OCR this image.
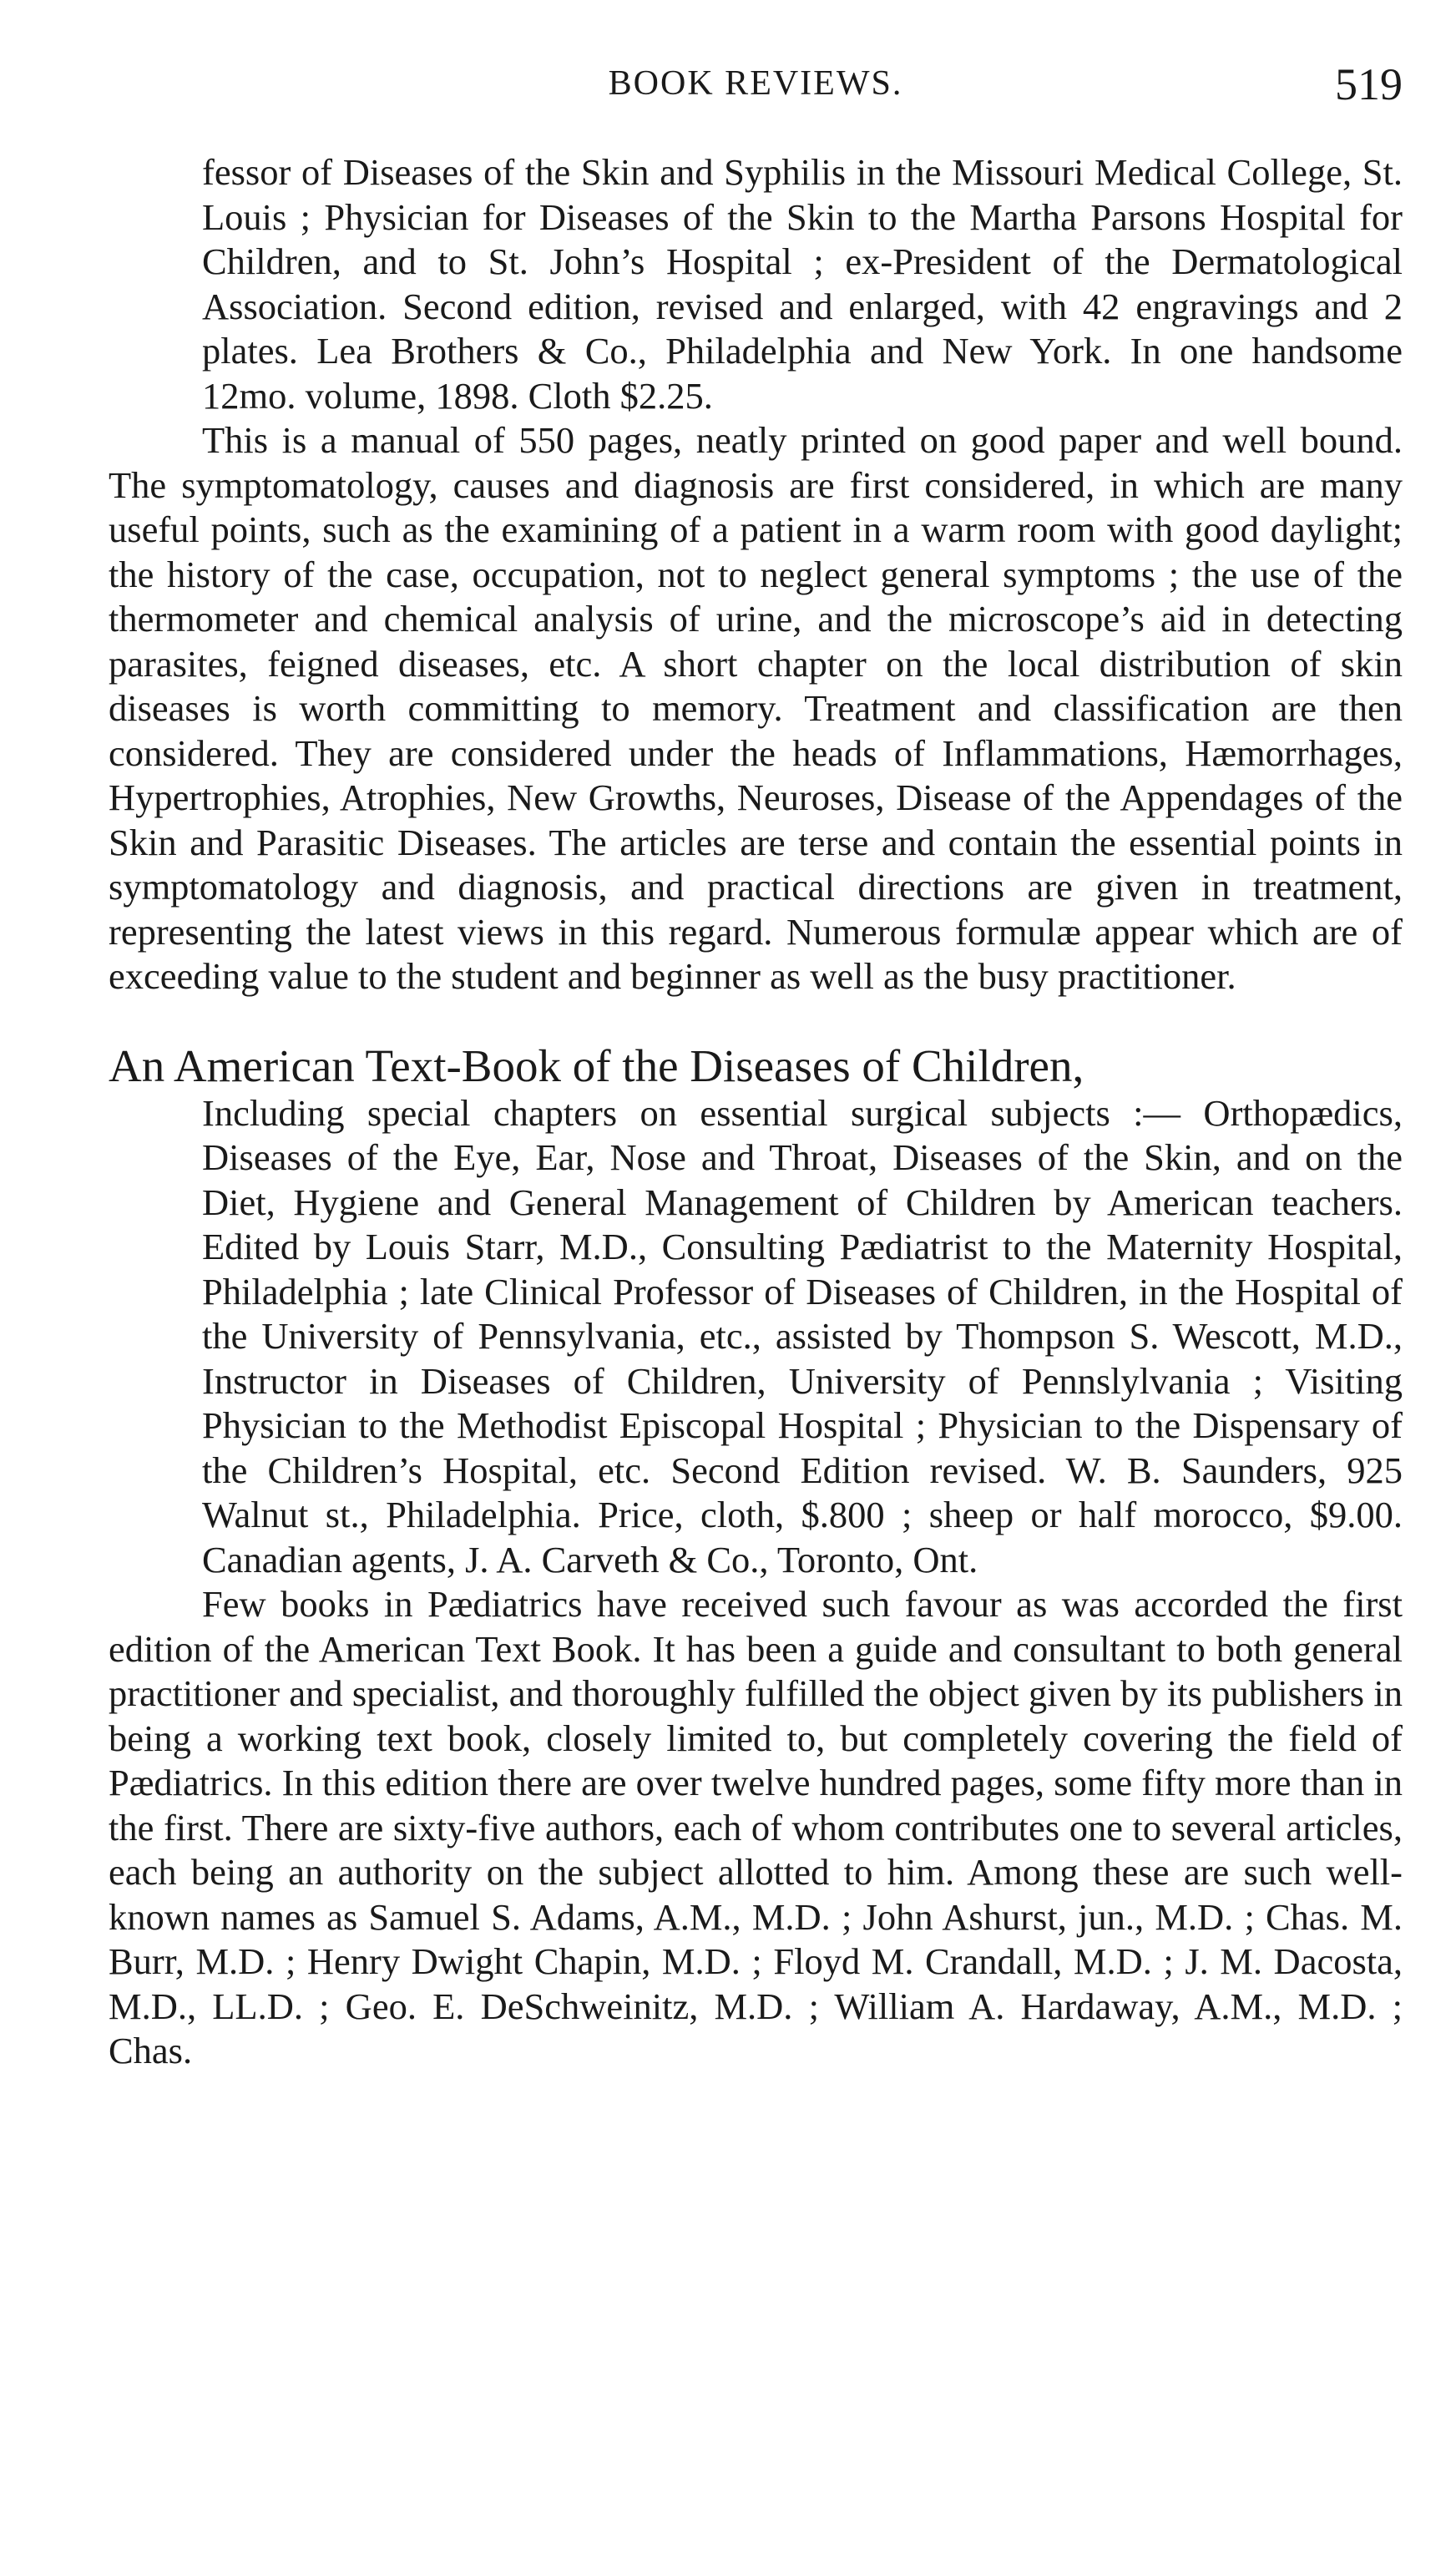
BOOK REVIEWS.	519

fessor of Diseases of the Skin and Syphilis in the Missouri Medical College, St. Louis ; Physician for Diseases of the Skin to the Martha Parsons Hospital for Children, and to St. John’s Hospital ; ex-President of the Dermatological Association. Second edition, revised and enlarged, with 42 engravings and 2 plates. Lea Brothers & Co., Philadelphia and New York. In one handsome 12mo. volume, 1898. Cloth $2.25.

This is a manual of 550 pages, neatly printed on good paper and well bound. The symptomatology, causes and diagnosis are first considered, in which are many useful points, such as the examining of a patient in a warm room with good daylight; the history of the case, occupation, not to neglect general symptoms ; the use of the thermometer and chemical analysis of urine, and the microscope’s aid in detecting parasites, feigned diseases, etc. A short chapter on the local distribution of skin diseases is worth committing to memory. Treatment and classification are then considered. They are considered under the heads of Inflammations, Hæmorrhages, Hypertrophies, Atrophies, New Growths, Neuroses, Disease of the Appendages of the Skin and Parasitic Diseases. The articles are terse and contain the essential points in symptomatology and diagnosis, and practical directions are given in treatment, representing the latest views in this regard. Numerous formulæ appear which are of exceeding value to the student and beginner as well as the busy practitioner.

An American Text-Book of the Diseases of Children,

Including special chapters on essential surgical subjects :— Orthopædics, Diseases of the Eye, Ear, Nose and Throat, Diseases of the Skin, and on the Diet, Hygiene and General Management of Children by American teachers. Edited by Louis Starr, M.D., Consulting Pædiatrist to the Maternity Hospital, Philadelphia ; late Clinical Professor of Diseases of Children, in the Hospital of the University of Pennsylvania, etc., assisted by Thompson S. Wescott, M.D., Instructor in Diseases of Children, University of Pennslylvania ; Visiting Physician to the Methodist Episcopal Hospital ; Physician to the Dispensary of the Children’s Hospital, etc. Second Edition revised. W. B. Saunders, 925 Walnut st., Philadelphia. Price, cloth, $.800 ; sheep or half morocco, $9.00. Canadian agents, J. A. Carveth & Co., Toronto, Ont.

Few books in Pædiatrics have received such favour as was accorded the first edition of the American Text Book. It has been a guide and consultant to both general practitioner and specialist, and thoroughly fulfilled the object given by its publishers in being a working text book, closely limited to, but completely covering the field of Pædiatrics. In this edition there are over twelve hundred pages, some fifty more than in the first. There are sixty-five authors, each of whom contributes one to several articles, each being an authority on the subject allotted to him. Among these are such well-known names as Samuel S. Adams, A.M., M.D. ; John Ashurst, jun., M.D. ; Chas. M. Burr, M.D. ; Henry Dwight Chapin, M.D. ; Floyd M. Crandall, M.D. ; J. M. Dacosta, M.D., LL.D. ; Geo. E. DeSchweinitz, M.D. ; William A. Hardaway, A.M., M.D. ; Chas.
